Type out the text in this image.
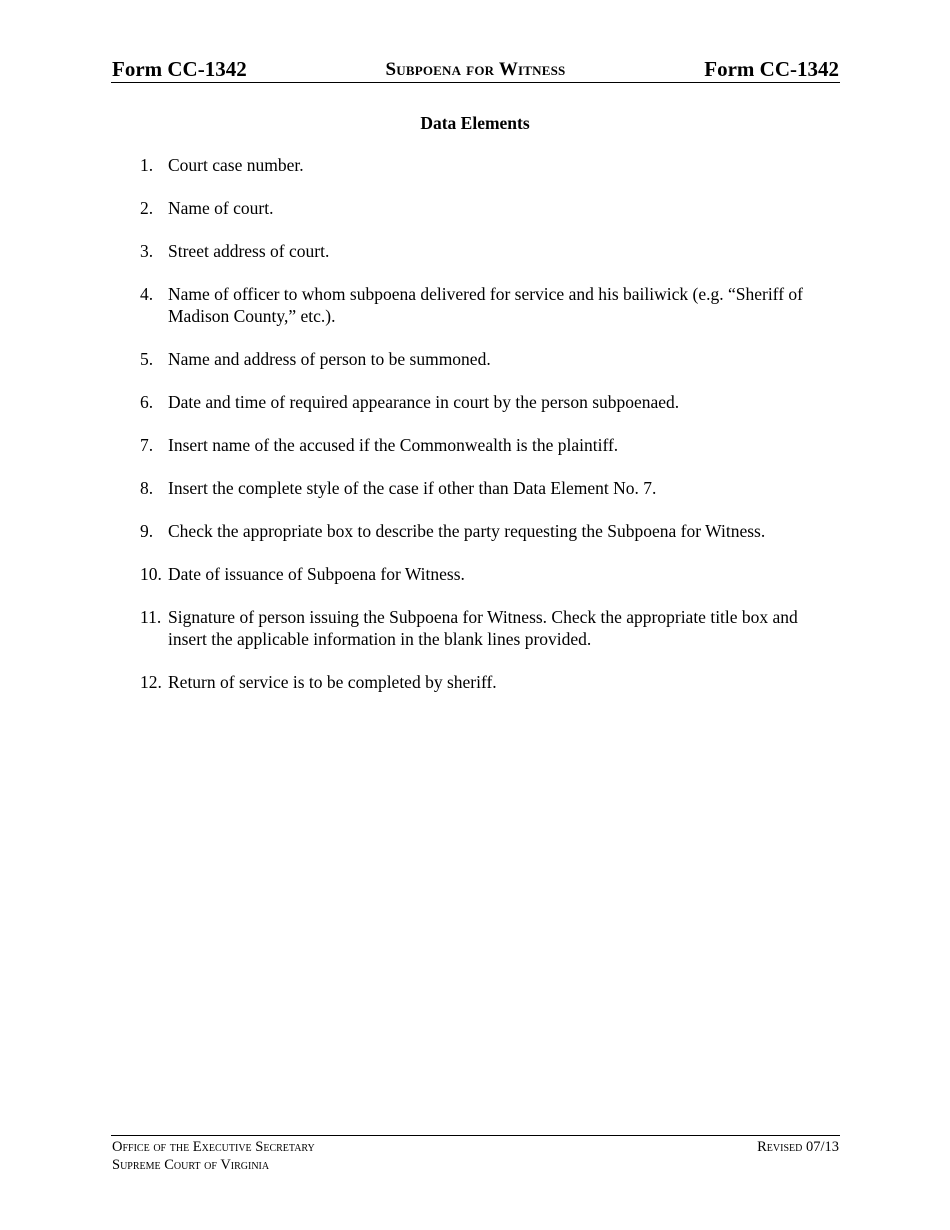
Form CC-1342	Subpoena for Witness	Form CC-1342
Data Elements
1. Court case number.
2. Name of court.
3. Street address of court.
4. Name of officer to whom subpoena delivered for service and his bailiwick (e.g. “Sheriff of Madison County,” etc.).
5. Name and address of person to be summoned.
6. Date and time of required appearance in court by the person subpoenaed.
7. Insert name of the accused if the Commonwealth is the plaintiff.
8. Insert the complete style of the case if other than Data Element No. 7.
9. Check the appropriate box to describe the party requesting the Subpoena for Witness.
10. Date of issuance of Subpoena for Witness.
11. Signature of person issuing the Subpoena for Witness. Check the appropriate title box and insert the applicable information in the blank lines provided.
12. Return of service is to be completed by sheriff.
Office of the Executive Secretary
Supreme Court of Virginia
Revised 07/13
